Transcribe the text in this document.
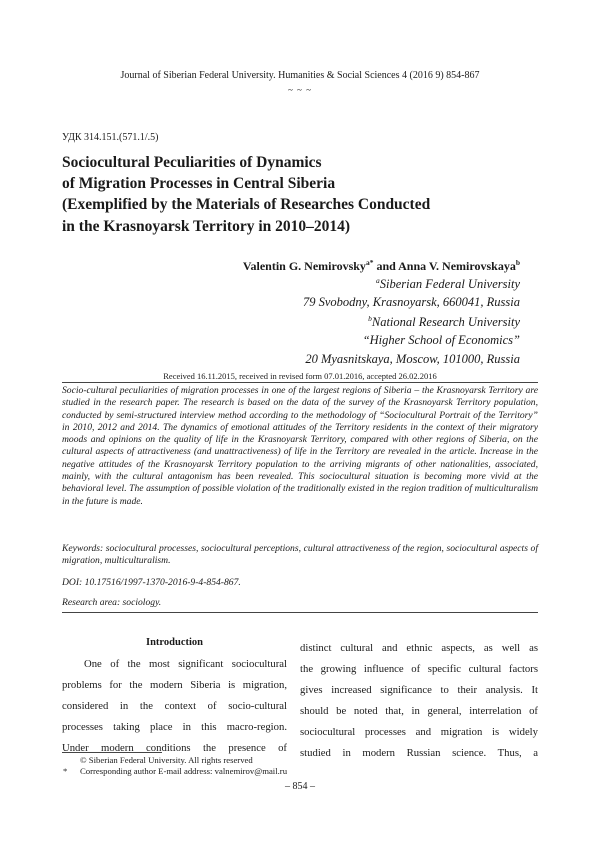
Journal of Siberian Federal University. Humanities & Social Sciences 4 (2016 9) 854-867
~ ~ ~
УДК 314.151.(571.1/.5)
Sociocultural Peculiarities of Dynamics
of Migration Processes in Central Siberia
(Exemplified by the Materials of Researches Conducted
in the Krasnoyarsk Territory in 2010–2014)
Valentin G. Nemirovsky$^{a*}$ and Anna V. Nemirovskaya$^b$
$^a$Siberian Federal University
79 Svobodny, Krasnoyarsk, 660041, Russia
$^b$National Research University
“Higher School of Economics”
20 Myasnitskaya, Moscow, 101000, Russia
Received 16.11.2015, received in revised form 07.01.2016, accepted 26.02.2016

Socio-cultural peculiarities of migration processes in one of the largest regions of Siberia – the Krasnoyarsk Territory are studied in the research paper. The research is based on the data of the survey of the Krasnoyarsk Territory population, conducted by semi-structured interview method according to the methodology of “Sociocultural Portrait of the Territory” in 2010, 2012 and 2014. The dynamics of emotional attitudes of the Territory residents in the context of their migratory moods and opinions on the quality of life in the Krasnoyarsk Territory, compared with other regions of Siberia, on the cultural aspects of attractiveness (and unattractiveness) of life in the Territory are revealed in the article. Increase in the negative attitudes of the Krasnoyarsk Territory population to the arriving migrants of other nationalities, associated, mainly, with the cultural antagonism has been revealed. This sociocultural situation is becoming more vivid at the behavioral level. The assumption of possible violation of the traditionally existed in the region tradition of multiculturalism in the future is made.

Keywords: sociocultural processes, sociocultural perceptions, cultural attractiveness of the region, sociocultural aspects of migration, multiculturalism.

DOI: 10.17516/1997-1370-2016-9-4-854-867.

Research area: sociology.

Introduction
One of the most significant sociocultural
problems for the modern Siberia is migration,
considered in the context of socio-cultural
processes taking place in this macro-region.
Under modern conditions the presence of
distinct cultural and ethnic aspects, as well as
the growing influence of specific cultural factors
gives increased significance to their analysis. It
should be noted that, in general, interrelation of
sociocultural processes and migration is widely
studied in modern Russian science. Thus, a
© Siberian Federal University. All rights reserved
* Corresponding author E-mail address: valnemirov@mail.ru
– 854 –
